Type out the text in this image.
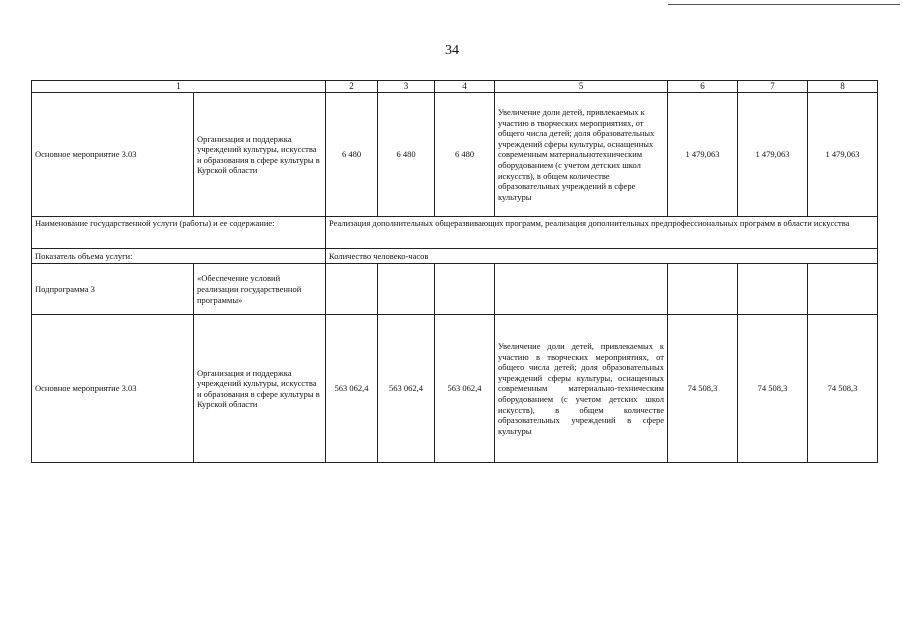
34
1		2	3	4	5	6	7	8
Основное мероприятие 3.03	Организация и поддержка учреждений культуры, искусства и образования в сфере культуры в Курской области	6 480	6 480	6 480	Увеличение доли детей, привлекаемых к участию в творческих мероприятиях, от общего числа детей; доля образовательных учреждений сферы культуры, оснащенных современным материальнотехническим оборудованием (с учетом детских школ искусств), в общем количестве образовательных учреждений в сфере культуры	1 479,063	1 479,063	1 479,063
Наименование государственной услуги (работы) и ее содержание:		Реализация дополнительных общеразвивающих программ, реализация дополнительных предпрофессиональных программ в области искусства						
Показатель объема услуги:		Количество человеко-часов						
Подпрограмма 3	«Обеспечение условий реализации государственной программы»							
Основное мероприятие 3.03	Организация и поддержка учреждений культуры, искусства и образования в сфере культуры в Курской области	563 062,4	563 062,4	563 062,4	Увеличение доли детей, привлекаемых к участию в творческих мероприятиях, от общего числа детей; доля образовательных учреждений сферы культуры, оснащенных современным материально-техническим оборудованием (с учетом детских школ искусств), в общем количестве образовательных учреждений в сфере культуры	74 508,3	74 508,3	74 508,3
